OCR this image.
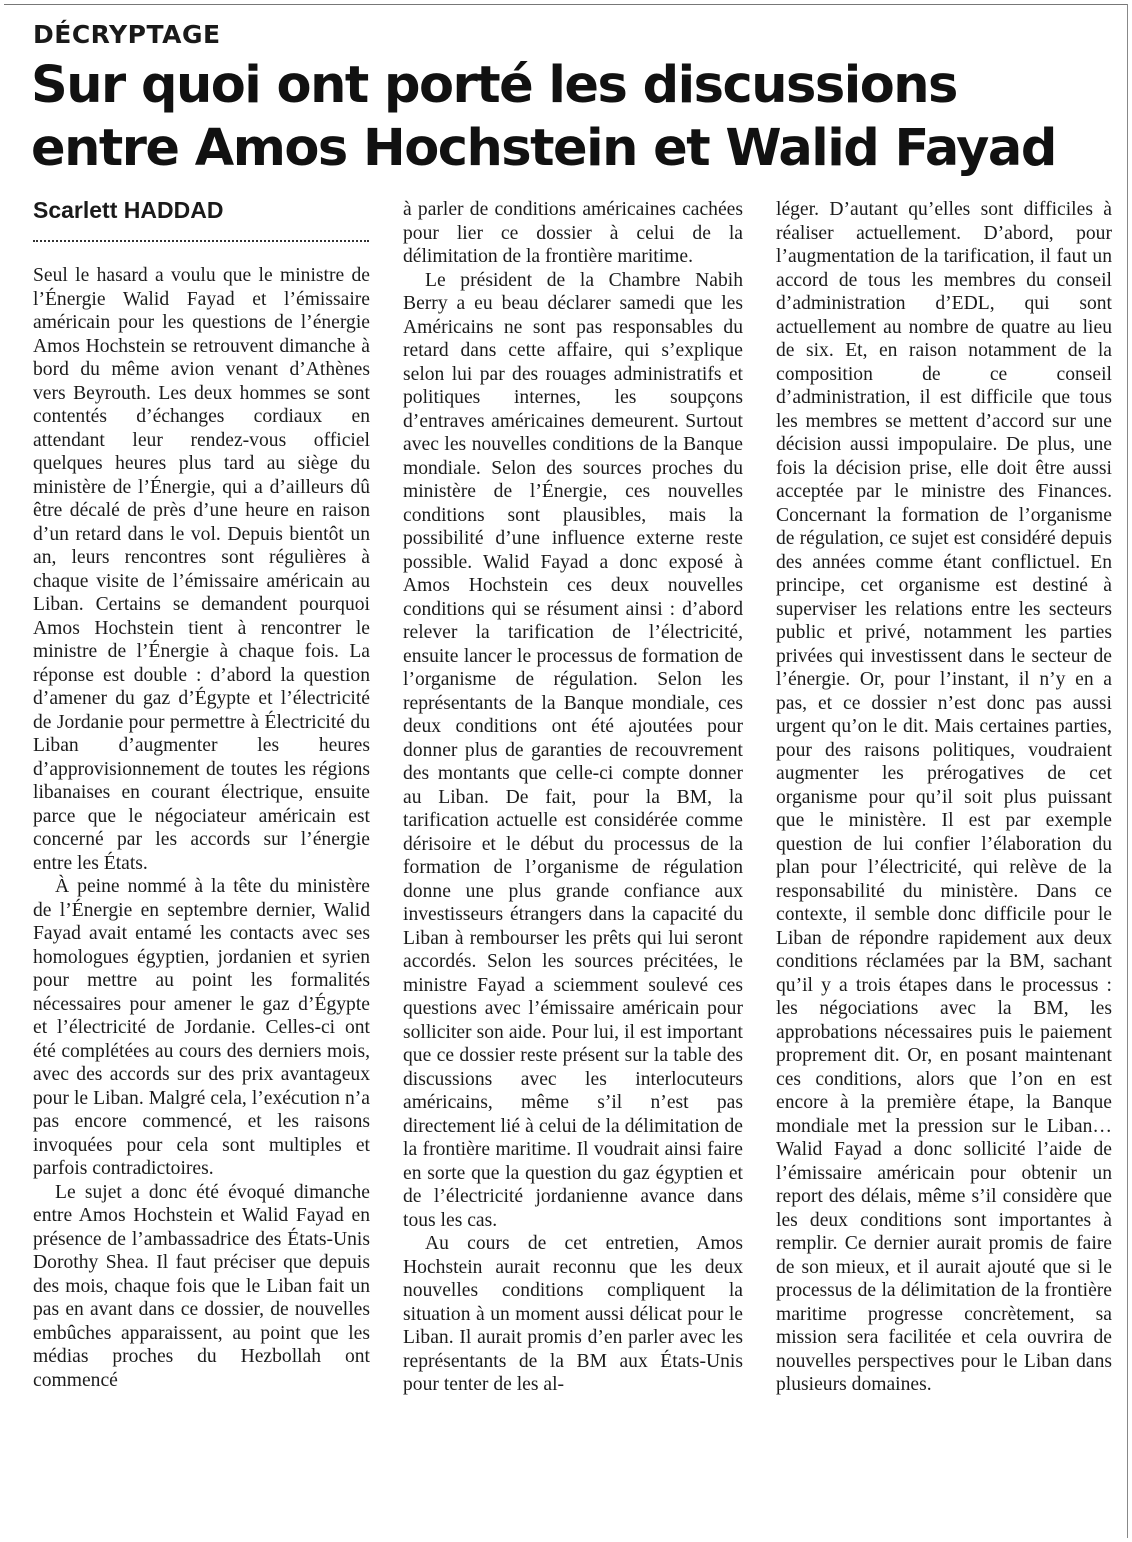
DÉCRYPTAGE
Sur quoi ont porté les discussions entre Amos Hochstein et Walid Fayad
Scarlett HADDAD

Seul le hasard a voulu que le ministre de l’Énergie Walid Fayad et l’émissaire américain pour les questions de l’énergie Amos Hochstein se retrouvent dimanche à bord du même avion venant d’Athènes vers Beyrouth. Les deux hommes se sont contentés d’échanges cordiaux en attendant leur rendez-vous officiel quelques heures plus tard au siège du ministère de l’Énergie, qui a d’ailleurs dû être décalé de près d’une heure en raison d’un retard dans le vol. Depuis bientôt un an, leurs rencontres sont régulières à chaque visite de l’émissaire américain au Liban. Certains se demandent pourquoi Amos Hochstein tient à rencontrer le ministre de l’Énergie à chaque fois. La réponse est double : d’abord la question d’amener du gaz d’Égypte et l’électricité de Jordanie pour permettre à Électricité du Liban d’augmenter les heures d’approvisionnement de toutes les régions libanaises en courant électrique, ensuite parce que le négociateur américain est concerné par les accords sur l’énergie entre les États.

À peine nommé à la tête du ministère de l’Énergie en septembre dernier, Walid Fayad avait entamé les contacts avec ses homologues égyptien, jordanien et syrien pour mettre au point les formalités nécessaires pour amener le gaz d’Égypte et l’électricité de Jordanie. Celles-ci ont été complétées au cours des derniers mois, avec des accords sur des prix avantageux pour le Liban. Malgré cela, l’exécution n’a pas encore commencé, et les raisons invoquées pour cela sont multiples et parfois contradictoires.

Le sujet a donc été évoqué dimanche entre Amos Hochstein et Walid Fayad en présence de l’ambassadrice des États-Unis Dorothy Shea. Il faut préciser que depuis des mois, chaque fois que le Liban fait un pas en avant dans ce dossier, de nouvelles embûches apparaissent, au point que les médias proches du Hezbollah ont commencé

à parler de conditions américaines cachées pour lier ce dossier à celui de la délimitation de la frontière maritime.

Le président de la Chambre Nabih Berry a eu beau déclarer samedi que les Américains ne sont pas responsables du retard dans cette affaire, qui s’explique selon lui par des rouages administratifs et politiques internes, les soupçons d’entraves américaines demeurent. Surtout avec les nouvelles conditions de la Banque mondiale. Selon des sources proches du ministère de l’Énergie, ces nouvelles conditions sont plausibles, mais la possibilité d’une influence externe reste possible. Walid Fayad a donc exposé à Amos Hochstein ces deux nouvelles conditions qui se résument ainsi : d’abord relever la tarification de l’électricité, ensuite lancer le processus de formation de l’organisme de régulation. Selon les représentants de la Banque mondiale, ces deux conditions ont été ajoutées pour donner plus de garanties de recouvrement des montants que celle-ci compte donner au Liban. De fait, pour la BM, la tarification actuelle est considérée comme dérisoire et le début du processus de la formation de l’organisme de régulation donne une plus grande confiance aux investisseurs étrangers dans la capacité du Liban à rembourser les prêts qui lui seront accordés. Selon les sources précitées, le ministre Fayad a sciemment soulevé ces questions avec l’émissaire américain pour solliciter son aide. Pour lui, il est important que ce dossier reste présent sur la table des discussions avec les interlocuteurs américains, même s’il n’est pas directement lié à celui de la délimitation de la frontière maritime. Il voudrait ainsi faire en sorte que la question du gaz égyptien et de l’électricité jordanienne avance dans tous les cas.

Au cours de cet entretien, Amos Hochstein aurait reconnu que les deux nouvelles conditions compliquent la situation à un moment aussi délicat pour le Liban. Il aurait promis d’en parler avec les représentants de la BM aux États-Unis pour tenter de les al-

léger. D’autant qu’elles sont difficiles à réaliser actuellement. D’abord, pour l’augmentation de la tarification, il faut un accord de tous les membres du conseil d’administration d’EDL, qui sont actuellement au nombre de quatre au lieu de six. Et, en raison notamment de la composition de ce conseil d’administration, il est difficile que tous les membres se mettent d’accord sur une décision aussi impopulaire. De plus, une fois la décision prise, elle doit être aussi acceptée par le ministre des Finances. Concernant la formation de l’organisme de régulation, ce sujet est considéré depuis des années comme étant conflictuel. En principe, cet organisme est destiné à superviser les relations entre les secteurs public et privé, notamment les parties privées qui investissent dans le secteur de l’énergie. Or, pour l’instant, il n’y en a pas, et ce dossier n’est donc pas aussi urgent qu’on le dit. Mais certaines parties, pour des raisons politiques, voudraient augmenter les prérogatives de cet organisme pour qu’il soit plus puissant que le ministère. Il est par exemple question de lui confier l’élaboration du plan pour l’électricité, qui relève de la responsabilité du ministère. Dans ce contexte, il semble donc difficile pour le Liban de répondre rapidement aux deux conditions réclamées par la BM, sachant qu’il y a trois étapes dans le processus : les négociations avec la BM, les approbations nécessaires puis le paiement proprement dit. Or, en posant maintenant ces conditions, alors que l’on en est encore à la première étape, la Banque mondiale met la pression sur le Liban… Walid Fayad a donc sollicité l’aide de l’émissaire américain pour obtenir un report des délais, même s’il considère que les deux conditions sont importantes à remplir. Ce dernier aurait promis de faire de son mieux, et il aurait ajouté que si le processus de la délimitation de la frontière maritime progresse concrètement, sa mission sera facilitée et cela ouvrira de nouvelles perspectives pour le Liban dans plusieurs domaines.
